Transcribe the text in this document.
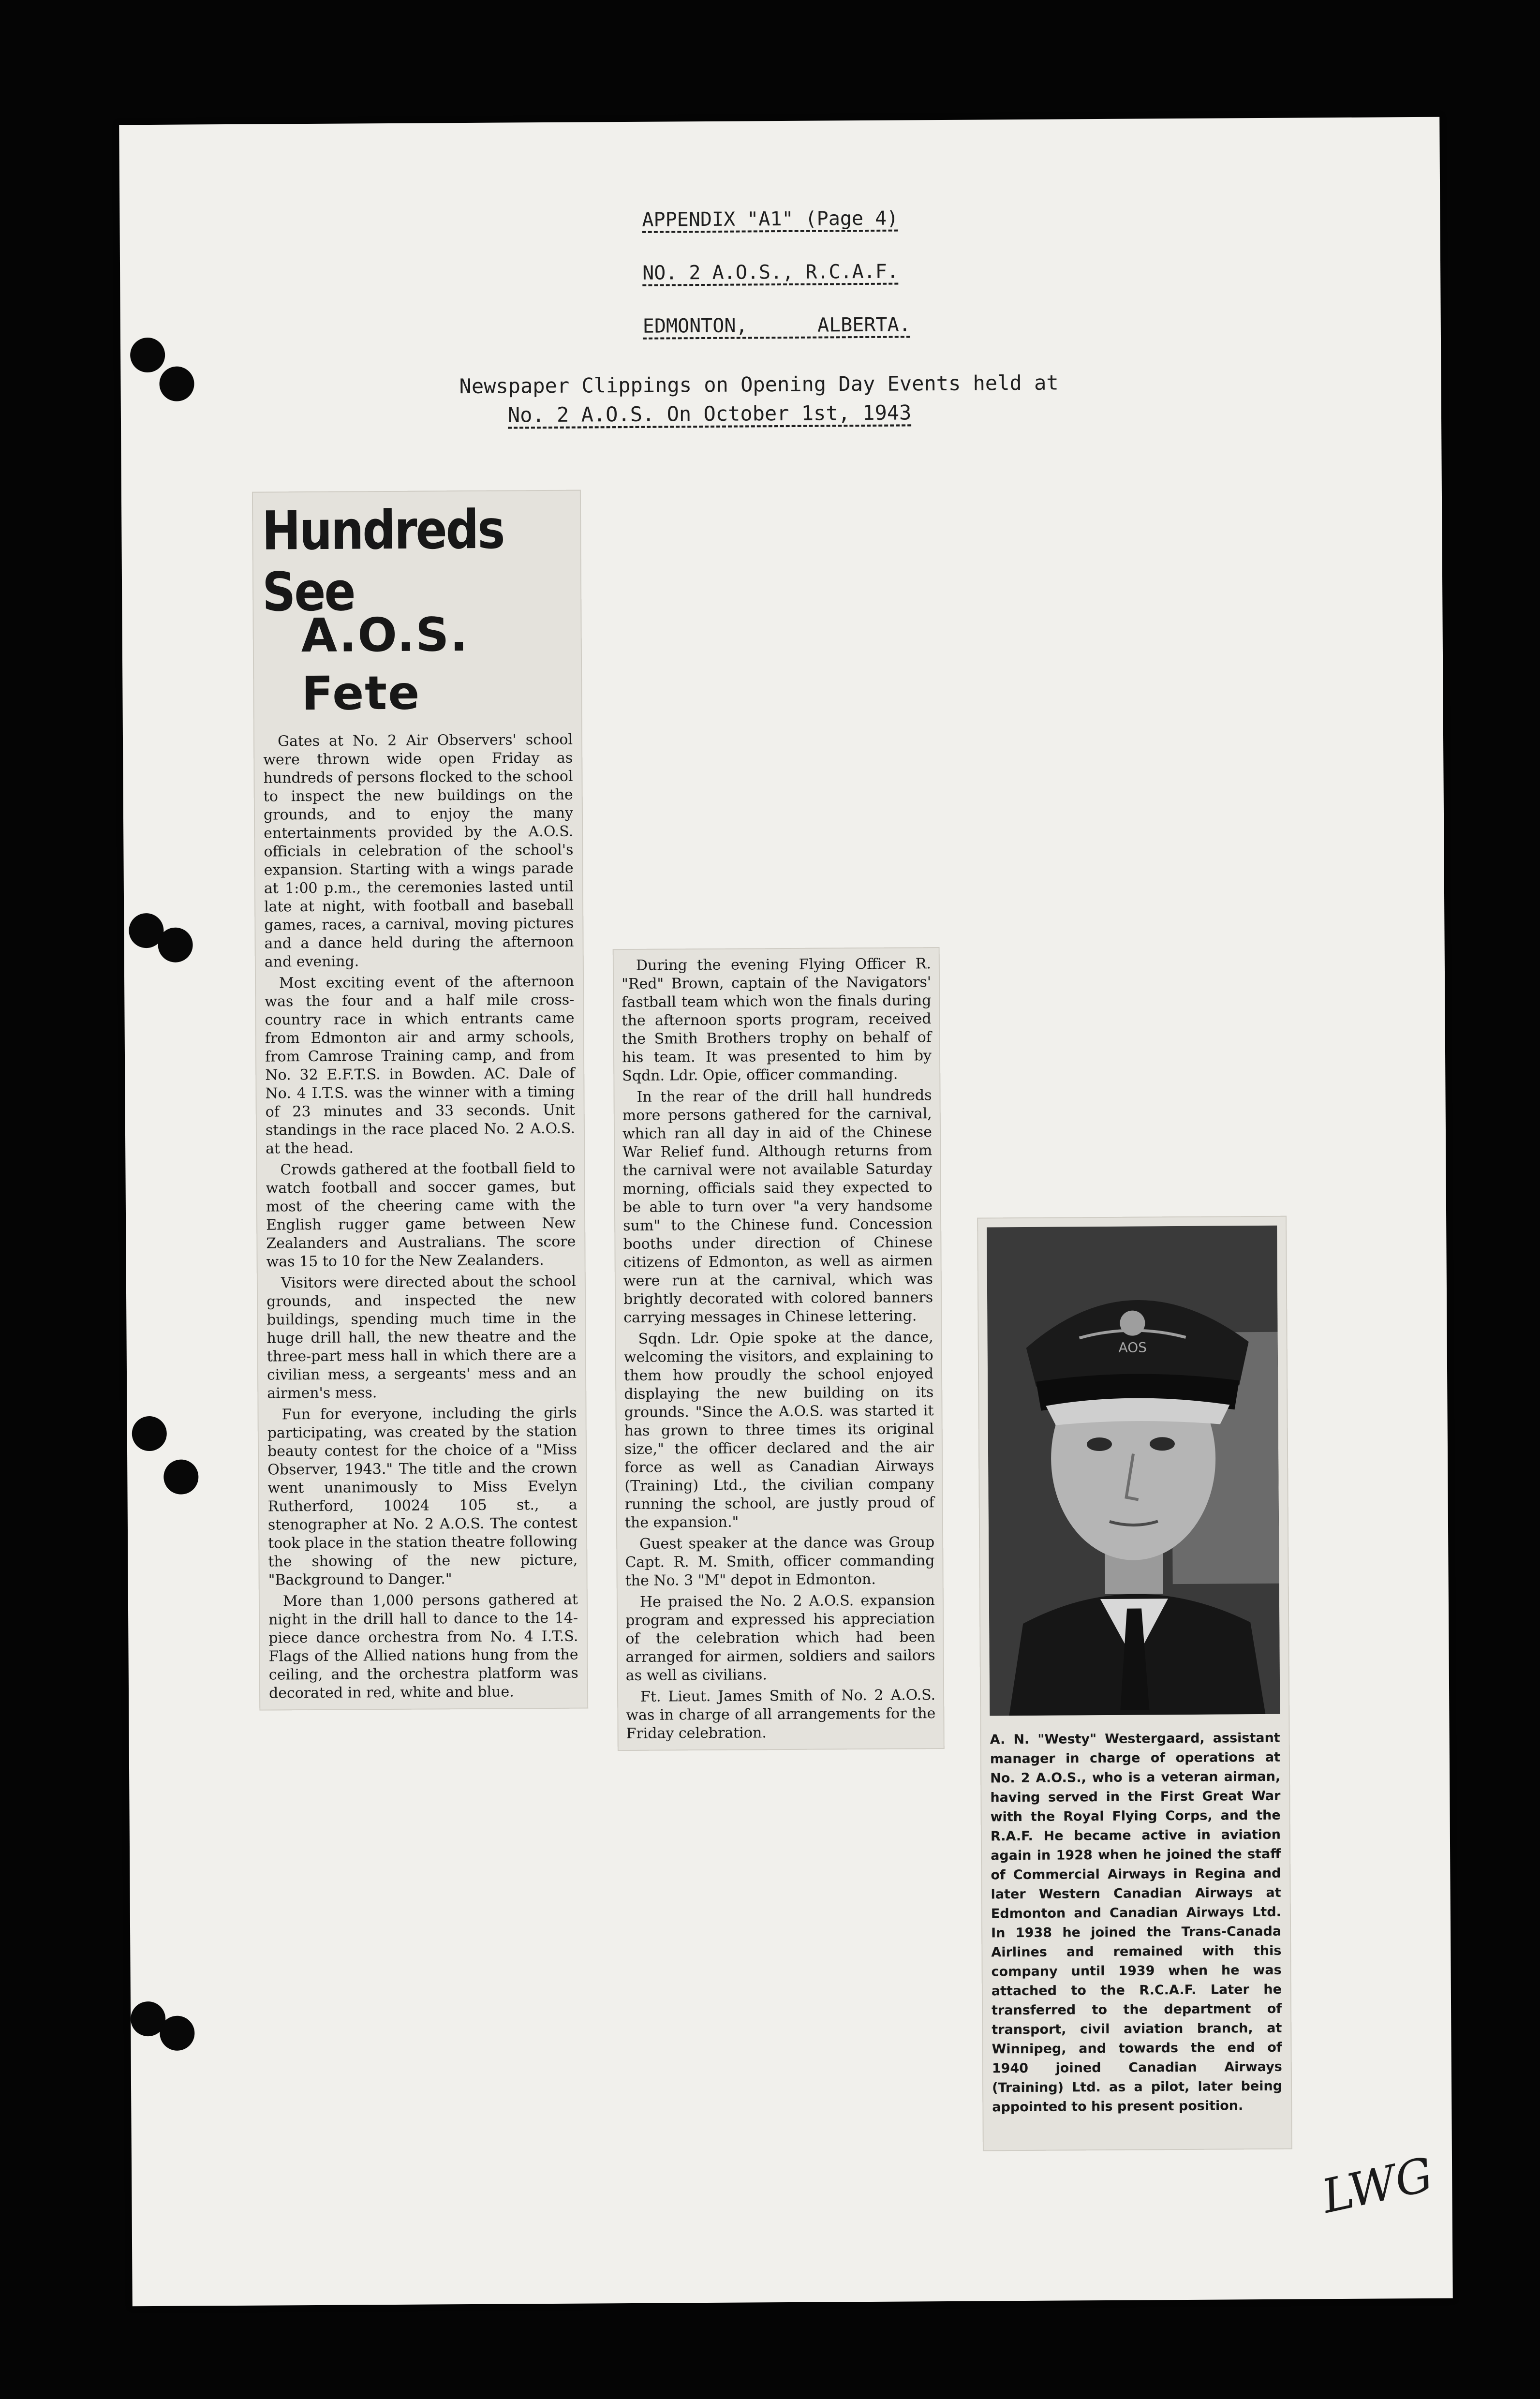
APPENDIX "A1" (Page 4)
NO. 2 A.O.S., R.C.A.F.
EDMONTON,      ALBERTA.
Newspaper Clippings on Opening Day Events held at
No. 2 A.O.S. On October 1st, 1943
Hundreds See
A.O.S. Fete

Gates at No. 2 Air Observers' school were thrown wide open Friday as hundreds of persons flocked to the school to inspect the new buildings on the grounds, and to enjoy the many entertainments provided by the A.O.S. officials in celebration of the school's expansion. Starting with a wings parade at 1:00 p.m., the ceremonies lasted until late at night, with football and baseball games, races, a carnival, moving pictures and a dance held during the afternoon and evening.

Most exciting event of the afternoon was the four and a half mile cross-country race in which entrants came from Edmonton air and army schools, from Camrose Training camp, and from No. 32 E.F.T.S. in Bowden. AC. Dale of No. 4 I.T.S. was the winner with a timing of 23 minutes and 33 seconds. Unit standings in the race placed No. 2 A.O.S. at the head.

Crowds gathered at the football field to watch football and soccer games, but most of the cheering came with the English rugger game between New Zealanders and Australians. The score was 15 to 10 for the New Zealanders.

Visitors were directed about the school grounds, and inspected the new buildings, spending much time in the huge drill hall, the new theatre and the three-part mess hall in which there are a civilian mess, a sergeants' mess and an airmen's mess.

Fun for everyone, including the girls participating, was created by the station beauty contest for the choice of a "Miss Observer, 1943." The title and the crown went unanimously to Miss Evelyn Rutherford, 10024 105 st., a stenographer at No. 2 A.O.S. The contest took place in the station theatre following the showing of the new picture, "Background to Danger."

More than 1,000 persons gathered at night in the drill hall to dance to the 14-piece dance orchestra from No. 4 I.T.S. Flags of the Allied nations hung from the ceiling, and the orchestra platform was decorated in red, white and blue.

During the evening Flying Officer R. "Red" Brown, captain of the Navigators' fastball team which won the finals during the afternoon sports program, received the Smith Brothers trophy on behalf of his team. It was presented to him by Sqdn. Ldr. Opie, officer commanding.

In the rear of the drill hall hundreds more persons gathered for the carnival, which ran all day in aid of the Chinese War Relief fund. Although returns from the carnival were not available Saturday morning, officials said they expected to be able to turn over "a very handsome sum" to the Chinese fund. Concession booths under direction of Chinese citizens of Edmonton, as well as airmen were run at the carnival, which was brightly decorated with colored banners carrying messages in Chinese lettering.

Sqdn. Ldr. Opie spoke at the dance, welcoming the visitors, and explaining to them how proudly the school enjoyed displaying the new building on its grounds. "Since the A.O.S. was started it has grown to three times its original size," the officer declared and the air force as well as Canadian Airways (Training) Ltd., the civilian company running the school, are justly proud of the expansion."

Guest speaker at the dance was Group Capt. R. M. Smith, officer commanding the No. 3 "M" depot in Edmonton.

He praised the No. 2 A.O.S. expansion program and expressed his appreciation of the celebration which had been arranged for airmen, soldiers and sailors as well as civilians.

Ft. Lieut. James Smith of No. 2 A.O.S. was in charge of all arrangements for the Friday celebration.

AOS

A. N. "Westy" Westergaard, assistant manager in charge of operations at No. 2 A.O.S., who is a veteran airman, having served in the First Great War with the Royal Flying Corps, and the R.A.F. He became active in aviation again in 1928 when he joined the staff of Commercial Airways in Regina and later Western Canadian Airways at Edmonton and Canadian Airways Ltd. In 1938 he joined the Trans-Canada Airlines and remained with this company until 1939 when he was attached to the R.C.A.F. Later he transferred to the department of transport, civil aviation branch, at Winnipeg, and towards the end of 1940 joined Canadian Airways (Training) Ltd. as a pilot, later being appointed to his present position.

LWG
